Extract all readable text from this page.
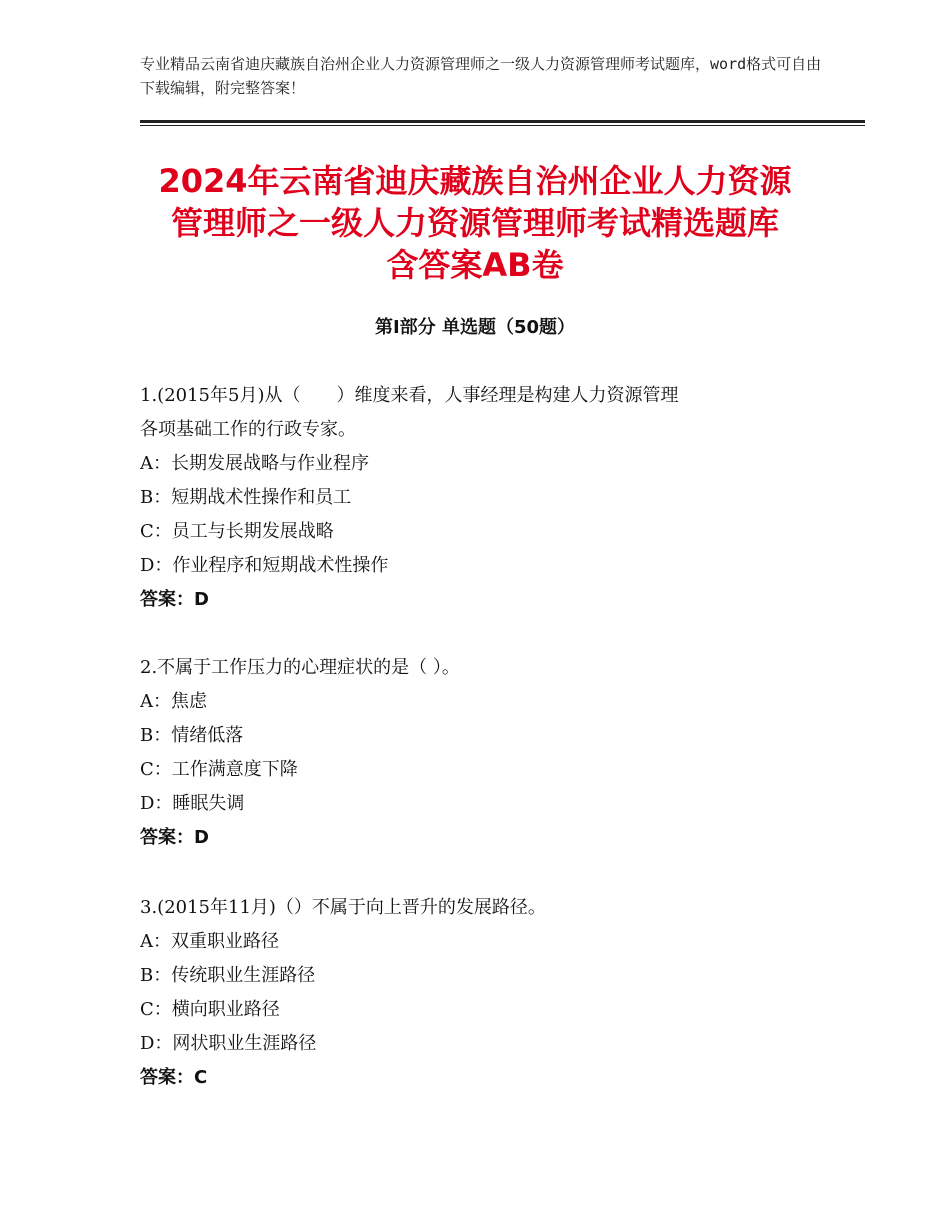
专业精品云南省迪庆藏族自治州企业人力资源管理师之一级人力资源管理师考试题库，word格式可自由下载编辑，附完整答案！

2024年云南省迪庆藏族自治州企业人力资源
管理师之一级人力资源管理师考试精选题库
含答案AB卷
第Ⅰ部分 单选题（50题）

1.(2015年5月)从（　　）维度来看，人事经理是构建人力资源管理

各项基础工作的行政专家。

A：长期发展战略与作业程序

B：短期战术性操作和员工

C：员工与长期发展战略

D：作业程序和短期战术性操作

答案：D

2.不属于工作压力的心理症状的是（ ）。

A：焦虑

B：情绪低落

C：工作满意度下降

D：睡眠失调

答案：D

3.(2015年11月)（）不属于向上晋升的发展路径。

A：双重职业路径

B：传统职业生涯路径

C：横向职业路径

D：网状职业生涯路径

答案：C
